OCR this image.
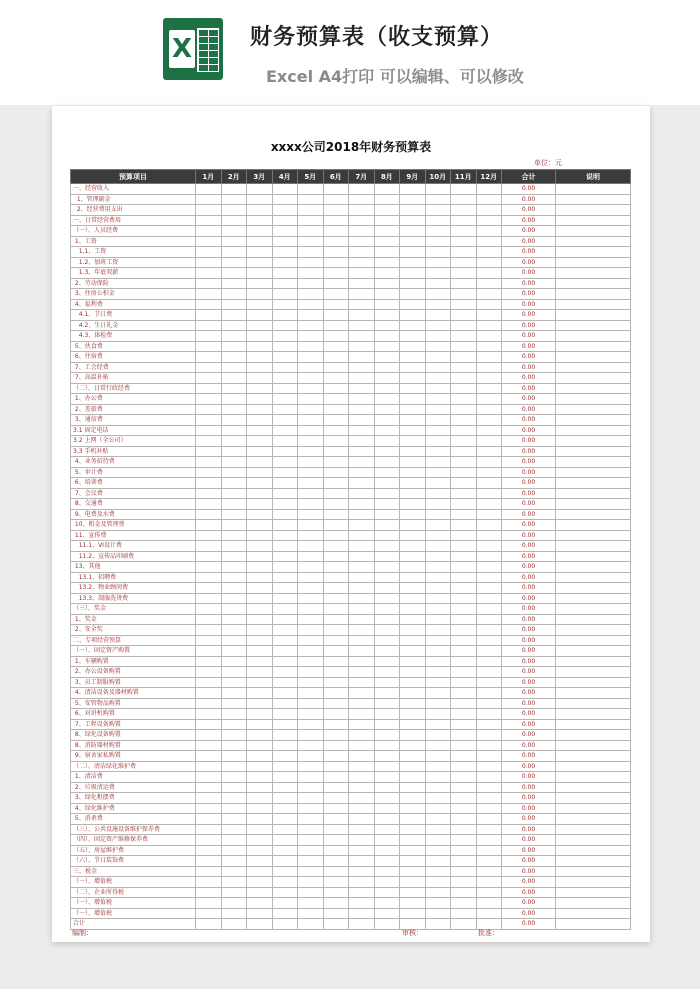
X	财务预算表（收支预算）
Excel A4打印 可以编辑、可以修改
xxxx公司2018年财务预算表
单位：元
预算项目	1月	2月	3月	4月	5月	6月	7月	8月	9月	10月	11月	12月	合计	说明
一、经营收入													0.00	
1、管理副金													0.00	
2、经营费用支出													0.00	
一、日常经营费用													0.00	
（一）、人员经费													0.00	
1、工资													0.00	
1.1、工资													0.00	
1.2、加班工资													0.00	
1.3、年底双薪													0.00	
2、劳动保险													0.00	
3、住房公积金													0.00	
4、福利费													0.00	
4.1、节日费													0.00	
4.2、生日礼金													0.00	
4.3、体检费													0.00	
5、伙食费													0.00	
6、住宿费													0.00	
7、工会经费													0.00	
7、高温补贴													0.00	
（二）、日常行政经费													0.00	
1、办公费													0.00	
2、差旅费													0.00	
3、通信费													0.00	
3.1 固定电话													0.00	
3.2 上网（全公司）													0.00	
3.3 手机补贴													0.00	
4、业务招待费													0.00	
5、审计费													0.00	
6、培训费													0.00	
7、会议费													0.00	
8、交通费													0.00	
9、电费及水费													0.00	
10、租金及管理费													0.00	
11、宣传费													0.00	
11.1、VI设计费													0.00	
11.2、宣传品印刷费													0.00	
13、其他													0.00	
13.1、招聘费													0.00	
13.2、物业顾问费													0.00	
13.3、制服洗烫费													0.00	
（三）、奖金													0.00	
1、奖金													0.00	
2、安全奖													0.00	
二、专项经营预算													0.00	
（一）、固定资产购置													0.00	
1、车辆购置													0.00	
2、办公设备购置													0.00	
3、员工制服购置													0.00	
4、清洁设备及器材购置													0.00	
5、安管物品购置													0.00	
6、对讲机购置													0.00	
7、工程设备购置													0.00	
8、绿化设备购置													0.00	
8、消防器材购置													0.00	
9、宿舍家私购置													0.00	
（二）、清洁绿化维护费													0.00	
1、清洁费													0.00	
2、垃圾清运费													0.00	
3、绿化租摆费													0.00	
4、绿化维护费													0.00	
5、消杀费													0.00	
（三）、公共设施设备维护保养费													0.00	
（四）、固定资产维修保养费													0.00	
（五）、房屋维护费													0.00	
（六）、节日装饰费													0.00	
三、税金													0.00	
（一）、增值税													0.00	
（二）、企业所得税													0.00	
（一）、增值税													0.00	
（一）、增值税													0.00	
合计													0.00	
编制：	审核：	批准：
